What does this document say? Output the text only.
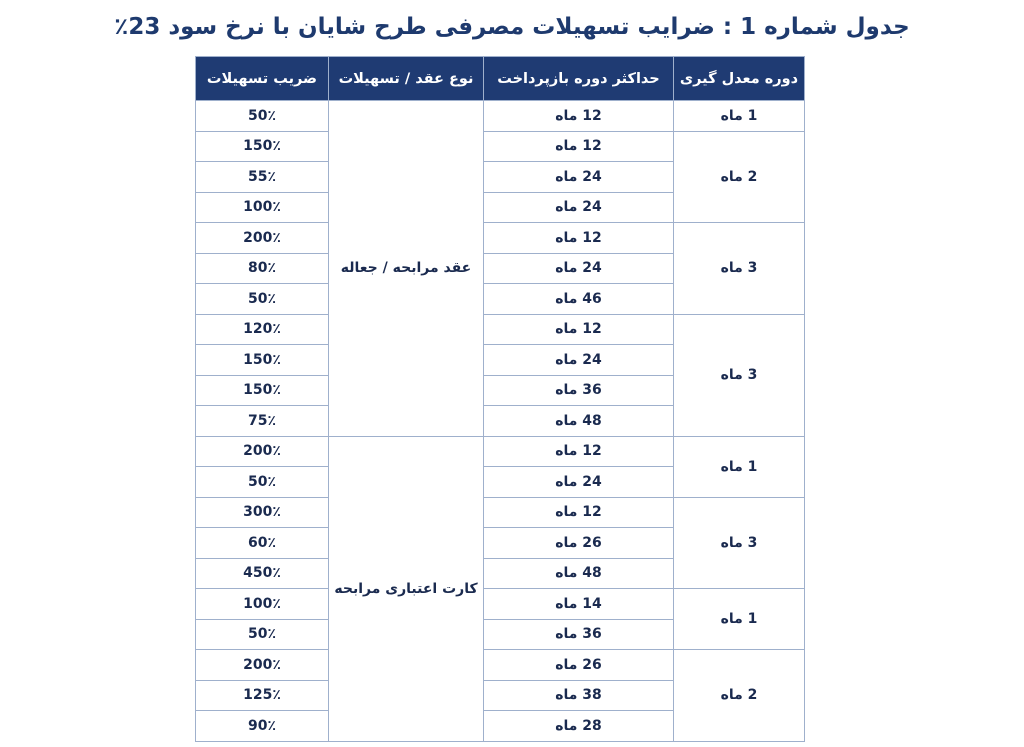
جدول شماره 1 : ضرایب تسهیلات مصرفی طرح شایان با نرخ سود 23٪
دوره معدل گیری	حداکثر دوره بازپرداخت	نوع عقد / تسهیلات	ضریب تسهیلات
1 ماه	12 ماه	عقد مرابحه / جعاله	50٪
2 ماه	12 ماه		150٪
	24 ماه		55٪
	24 ماه		100٪
3 ماه	12 ماه		200٪
	24 ماه		80٪
	46 ماه		50٪
3 ماه	12 ماه		120٪
	24 ماه		150٪
	36 ماه		150٪
	48 ماه		75٪
1 ماه	12 ماه	کارت اعتباری مرابحه	200٪
	24 ماه		50٪
3 ماه	12 ماه		300٪
	26 ماه		60٪
	48 ماه		450٪
1 ماه	14 ماه		100٪
	36 ماه		50٪
2 ماه	26 ماه		200٪
	38 ماه		125٪
	28 ماه		90٪
